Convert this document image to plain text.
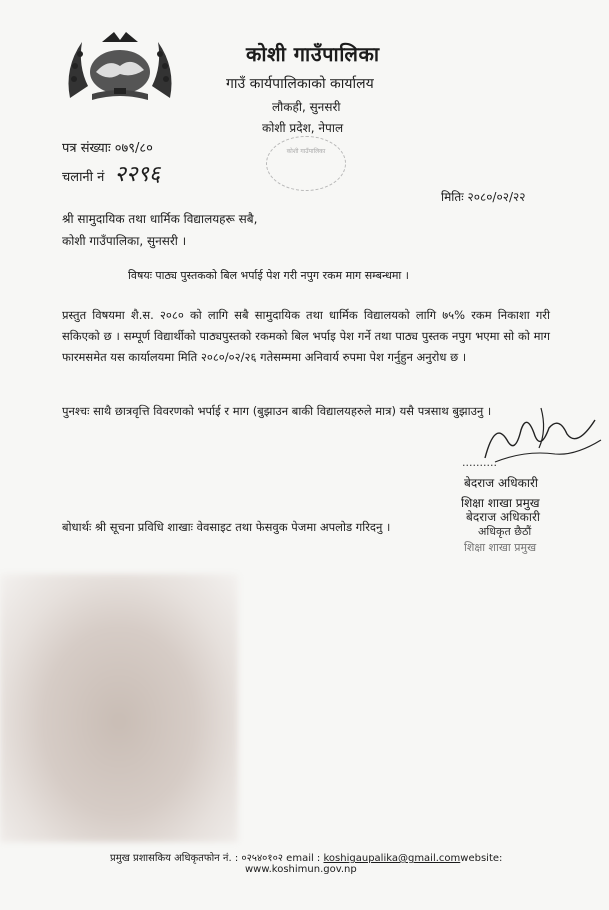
कोशी गाउँपालिका
गाउँ कार्यपालिकाको कार्यालय
लौकही, सुनसरी
कोशी प्रदेश, नेपाल
पत्र संख्याः ०७९/८०
चलानी नं २२९६
कोशी गाउँपालिका
मितिः २०८०/०२/२२
श्री सामुदायिक तथा धार्मिक विद्यालयहरू सबै,
कोशी गाउँपालिका, सुनसरी ।
विषयः पाठ्य पुस्तकको बिल भर्पाई पेश गरी नपुग रकम माग सम्बन्धमा ।
प्रस्तुत विषयमा शै.स. २०८० को लागि सबै सामुदायिक तथा धार्मिक विद्यालयको लागि ७५% रकम निकाशा गरी सकिएको छ । सम्पूर्ण विद्यार्थीको पाठ्यपुस्तको रकमको बिल भर्पाइ पेश गर्ने तथा पाठ्य पुस्तक नपुग भएमा सो को माग फारमसमेत यस कार्यालयमा मिति २०८०/०२/२६ गतेसम्ममा अनिवार्य रुपमा पेश गर्नुहुन अनुरोध छ ।
पुनश्चः साथै छात्रवृत्ति विवरणको भर्पाई र माग (बुझाउन बाकी विद्यालयहरुले मात्र) यसै पत्रसाथ बुझाउनु ।
..........
बेदराज अधिकारी
शिक्षा शाखा प्रमुख
बेदराज अधिकारी
अधिकृत छैठौं
शिक्षा शाखा प्रमुख
बोधार्थः श्री सूचना प्रविधि शाखाः वेवसाइट तथा फेसवुक पेजमा अपलोड गरिदनु ।
प्रमुख प्रशासकिय अधिकृतफोन नं. : ०२५४०१०२ email : koshigaupalika@gmail.comwebsite:
www.koshimun.gov.np
